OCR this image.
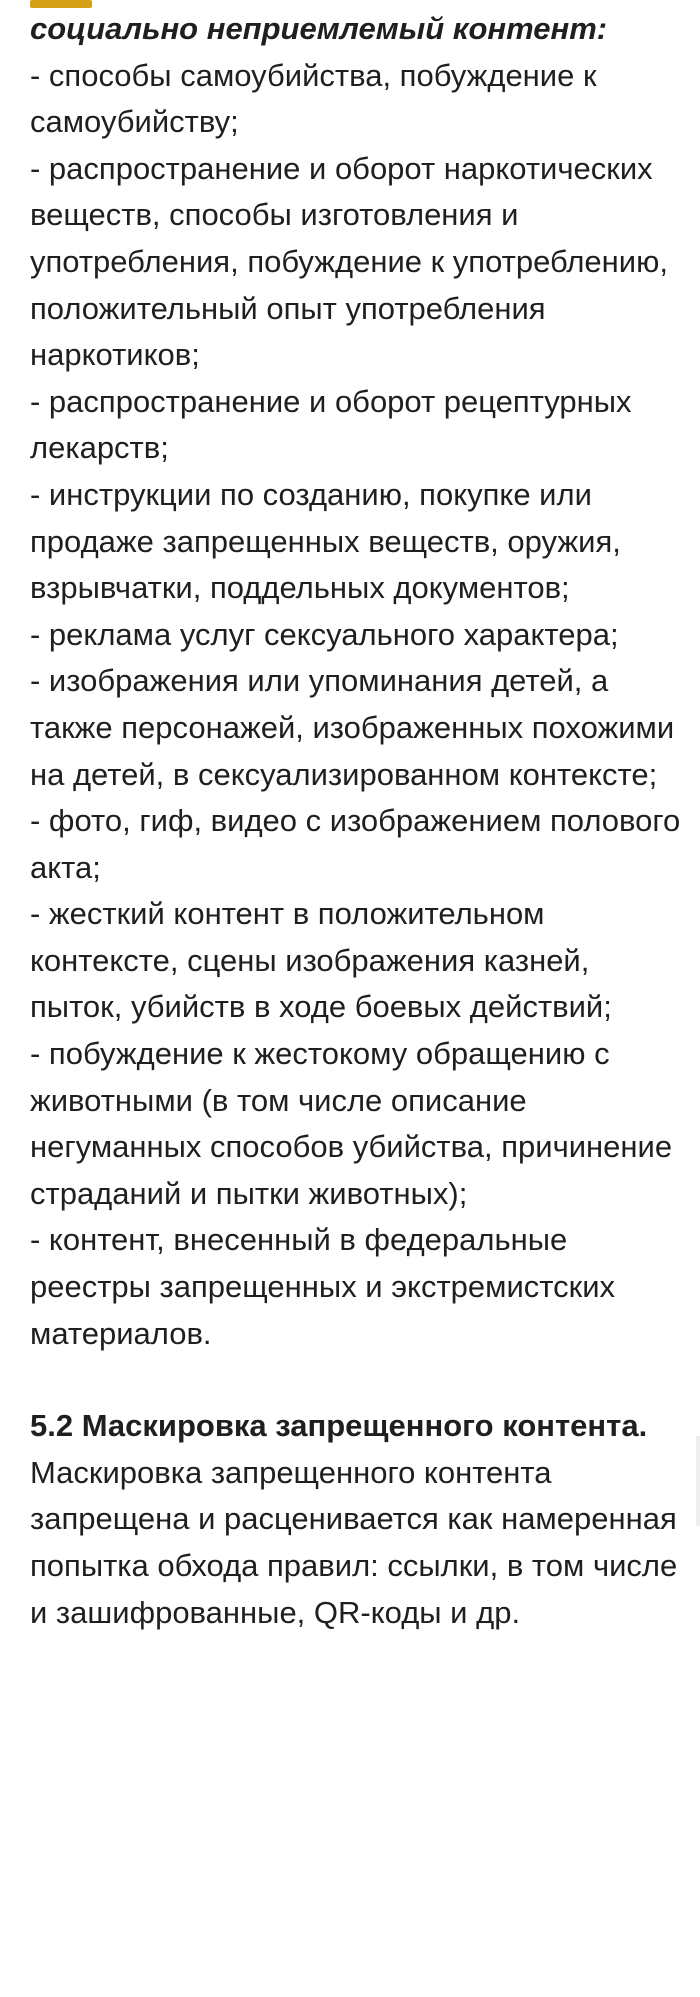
социально неприемлемый контент:
- способы самоубийства, побуждение к самоубийству;
- распространение и оборот наркотических веществ, способы изготовления и употребления, побуждение к употреблению, положительный опыт употребления наркотиков;
- распространение и оборот рецептурных лекарств;
- инструкции по созданию, покупке или продаже запрещенных веществ, оружия, взрывчатки, поддельных документов;
- реклама услуг сексуального характера;
- изображения или упоминания детей, а также персонажей, изображенных похожими на детей, в сексуализированном контексте;
- фото, гиф, видео с изображением полового акта;
- жесткий контент в положительном контексте, сцены изображения казней, пыток, убийств в ходе боевых действий;
- побуждение к жестокому обращению с животными (в том числе описание негуманных способов убийства, причинение страданий и пытки животных);
- контент, внесенный в федеральные реестры запрещенных и экстремистских материалов.

5.2 Маскировка запрещенного контента. Маскировка запрещенного контента запрещена и расценивается как намеренная попытка обхода правил: ссылки, в том числе и зашифрованные, QR-коды и др.
